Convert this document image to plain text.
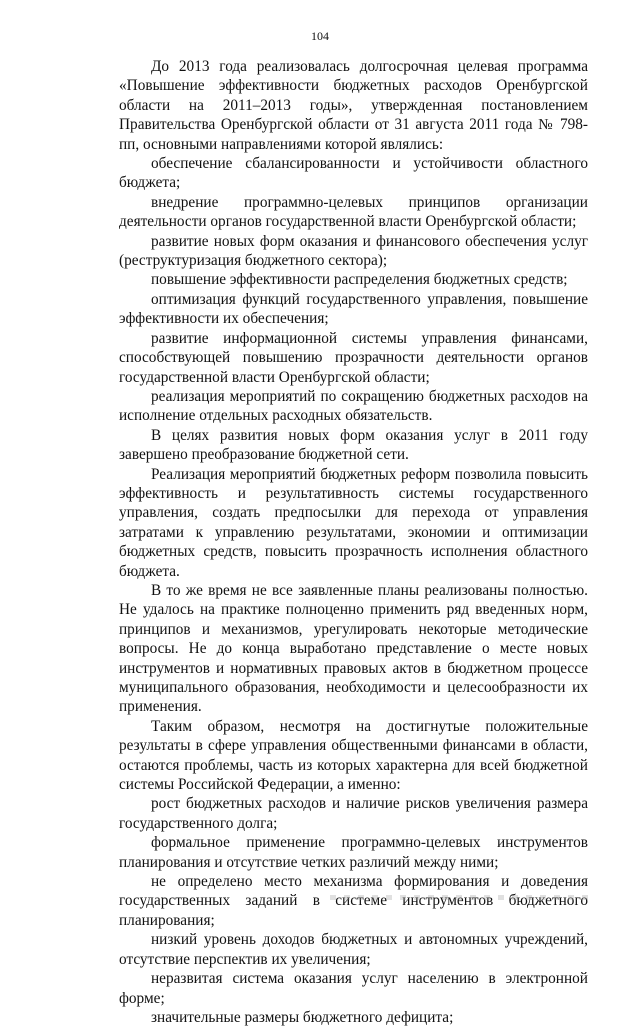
104

До 2013 года реализовалась долгосрочная целевая программа «Повышение эффективности бюджетных расходов Оренбургской области на 2011–2013 годы», утвержденная постановлением Правительства Оренбургской области от 31 августа 2011 года № 798-пп, основными направлениями которой являлись:

обеспечение сбалансированности и устойчивости областного бюджета;

внедрение программно-целевых принципов организации деятельности органов государственной власти Оренбургской области;

развитие новых форм оказания и финансового обеспечения услуг (реструктуризация бюджетного сектора);

повышение эффективности распределения бюджетных средств;

оптимизация функций государственного управления, повышение эффективности их обеспечения;

развитие информационной системы управления финансами, способствующей повышению прозрачности деятельности органов государственной власти Оренбургской области;

реализация мероприятий по сокращению бюджетных расходов на исполнение отдельных расходных обязательств.

В целях развития новых форм оказания услуг в 2011 году завершено преобразование бюджетной сети.

Реализация мероприятий бюджетных реформ позволила повысить эффективность и результативность системы государственного управления, создать предпосылки для перехода от управления затратами к управлению результатами, экономии и оптимизации бюджетных средств, повысить прозрачность исполнения областного бюджета.

В то же время не все заявленные планы реализованы полностью. Не удалось на практике полноценно применить ряд введенных норм, принципов и механизмов, урегулировать некоторые методические вопросы. Не до конца выработано представление о месте новых инструментов и нормативных правовых актов в бюджетном процессе муниципального образования, необходимости и целесообразности их применения.

Таким образом, несмотря на достигнутые положительные результаты в сфере управления общественными финансами в области, остаются проблемы, часть из которых характерна для всей бюджетной системы Российской Федерации, а именно:

рост бюджетных расходов и наличие рисков увеличения размера государственного долга;

формальное применение программно-целевых инструментов планирования и отсутствие четких различий между ними;

не определено место механизма формирования и доведения государственных заданий в системе инструментов бюджетного планирования;

низкий уровень доходов бюджетных и автономных учреждений, отсутствие перспектив их увеличения;

неразвитая система оказания услуг населению в электронной форме;

значительные размеры бюджетного дефицита;
